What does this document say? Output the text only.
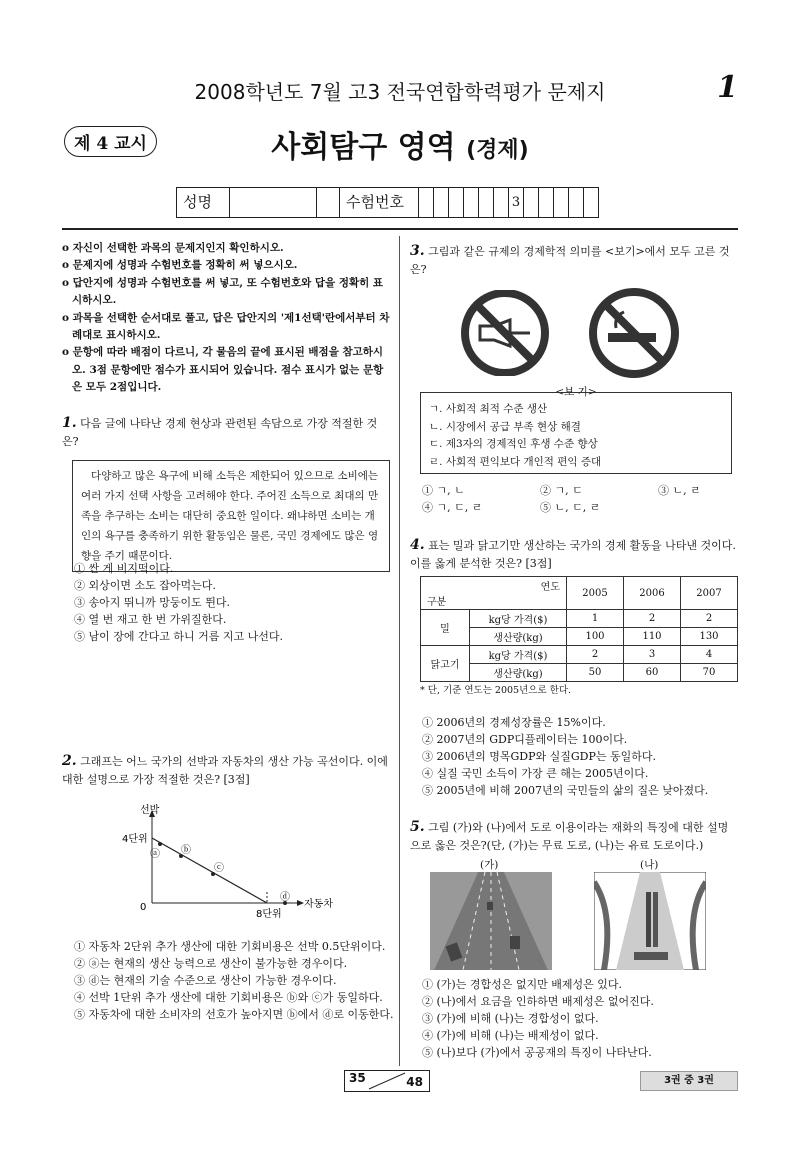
2008학년도 7월 고3 전국연합학력평가 문제지	1
제 4 교시	사회탐구 영역 (경제)
성명	수험번호	3

o 자신이 선택한 과목의 문제지인지 확인하시오.

o 문제지에 성명과 수험번호를 정확히 써 넣으시오.

o 답안지에 성명과 수험번호를 써 넣고, 또 수험번호와 답을 정확히 표시하시오.

o 과목을 선택한 순서대로 풀고, 답은 답안지의 '제1선택'란에서부터 차례대로 표시하시오.

o 문항에 따라 배점이 다르니, 각 물음의 끝에 표시된 배점을 참고하시오. 3점 문항에만 점수가 표시되어 있습니다. 점수 표시가 없는 문항은 모두 2점입니다.

1. 다음 글에 나타난 경제 현상과 관련된 속담으로 가장 적절한 것은?
다양하고 많은 욕구에 비해 소득은 제한되어 있으므로 소비에는 여러 가지 선택 사항을 고려해야 한다. 주어진 소득으로 최대의 만족을 추구하는 소비는 대단히 중요한 일이다. 왜냐하면 소비는 개인의 욕구를 충족하기 위한 활동임은 물론, 국민 경제에도 많은 영향을 주기 때문이다.
① 싼 게 비지떡이다.
② 외상이면 소도 잡아먹는다.
③ 송아지 뛰니까 망둥이도 뛴다.
④ 열 번 재고 한 번 가위질한다.
⑤ 남이 장에 간다고 하니 거름 지고 나선다.
2. 그래프는 어느 국가의 선박과 자동차의 생산 가능 곡선이다. 이에 대한 설명으로 가장 적절한 것은? [3점]
선박
자동차
4단위
8단위
0
ⓐ ⓑ
ⓒ
ⓓ
① 자동차 2단위 추가 생산에 대한 기회비용은 선박 0.5단위이다.
② ⓐ는 현재의 생산 능력으로 생산이 불가능한 경우이다.
③ ⓓ는 현재의 기술 수준으로 생산이 가능한 경우이다.
④ 선박 1단위 추가 생산에 대한 기회비용은 ⓑ와 ⓒ가 동일하다.
⑤ 자동차에 대한 소비자의 선호가 높아지면 ⓑ에서 ⓓ로 이동한다.
3. 그림과 같은 규제의 경제학적 의미를 <보기>에서 모두 고른 것은?
<보 기>
ㄱ. 사회적 최적 수준 생산
ㄴ. 시장에서 공급 부족 현상 해결
ㄷ. 제3자의 경제적인 후생 수준 향상
ㄹ. 사회적 편익보다 개인적 편익 증대
① ㄱ, ㄴ	② ㄱ, ㄷ	③ ㄴ, ㄹ
④ ㄱ, ㄷ, ㄹ	⑤ ㄴ, ㄷ, ㄹ
4. 표는 밀과 닭고기만 생산하는 국가의 경제 활동을 나타낸 것이다. 이를 옳게 분석한 것은? [3점]
연도
구분		2005	2006	2007
밀	kg당 가격($)	1	2	2
	생산량(kg)	100	110	130
닭고기	kg당 가격($)	2	3	4
	생산량(kg)	50	60	70
* 단, 기준 연도는 2005년으로 한다.
① 2006년의 경제성장률은 15%이다.
② 2007년의 GDP디플레이터는 100이다.
③ 2006년의 명목GDP와 실질GDP는 동일하다.
④ 실질 국민 소득이 가장 큰 해는 2005년이다.
⑤ 2005년에 비해 2007년의 국민들의 삶의 질은 낮아졌다.
5. 그림 (가)와 (나)에서 도로 이용이라는 재화의 특징에 대한 설명으로 옳은 것은?(단, (가)는 무료 도로, (나)는 유료 도로이다.)
(가)	(나)
① (가)는 경합성은 없지만 배제성은 있다.
② (나)에서 요금을 인하하면 배제성은 없어진다.
③ (가)에 비해 (나)는 경합성이 없다.
④ (가)에 비해 (나)는 배제성이 없다.
⑤ (나)보다 (가)에서 공공재의 특징이 나타난다.
35	48	3권 중 3권
